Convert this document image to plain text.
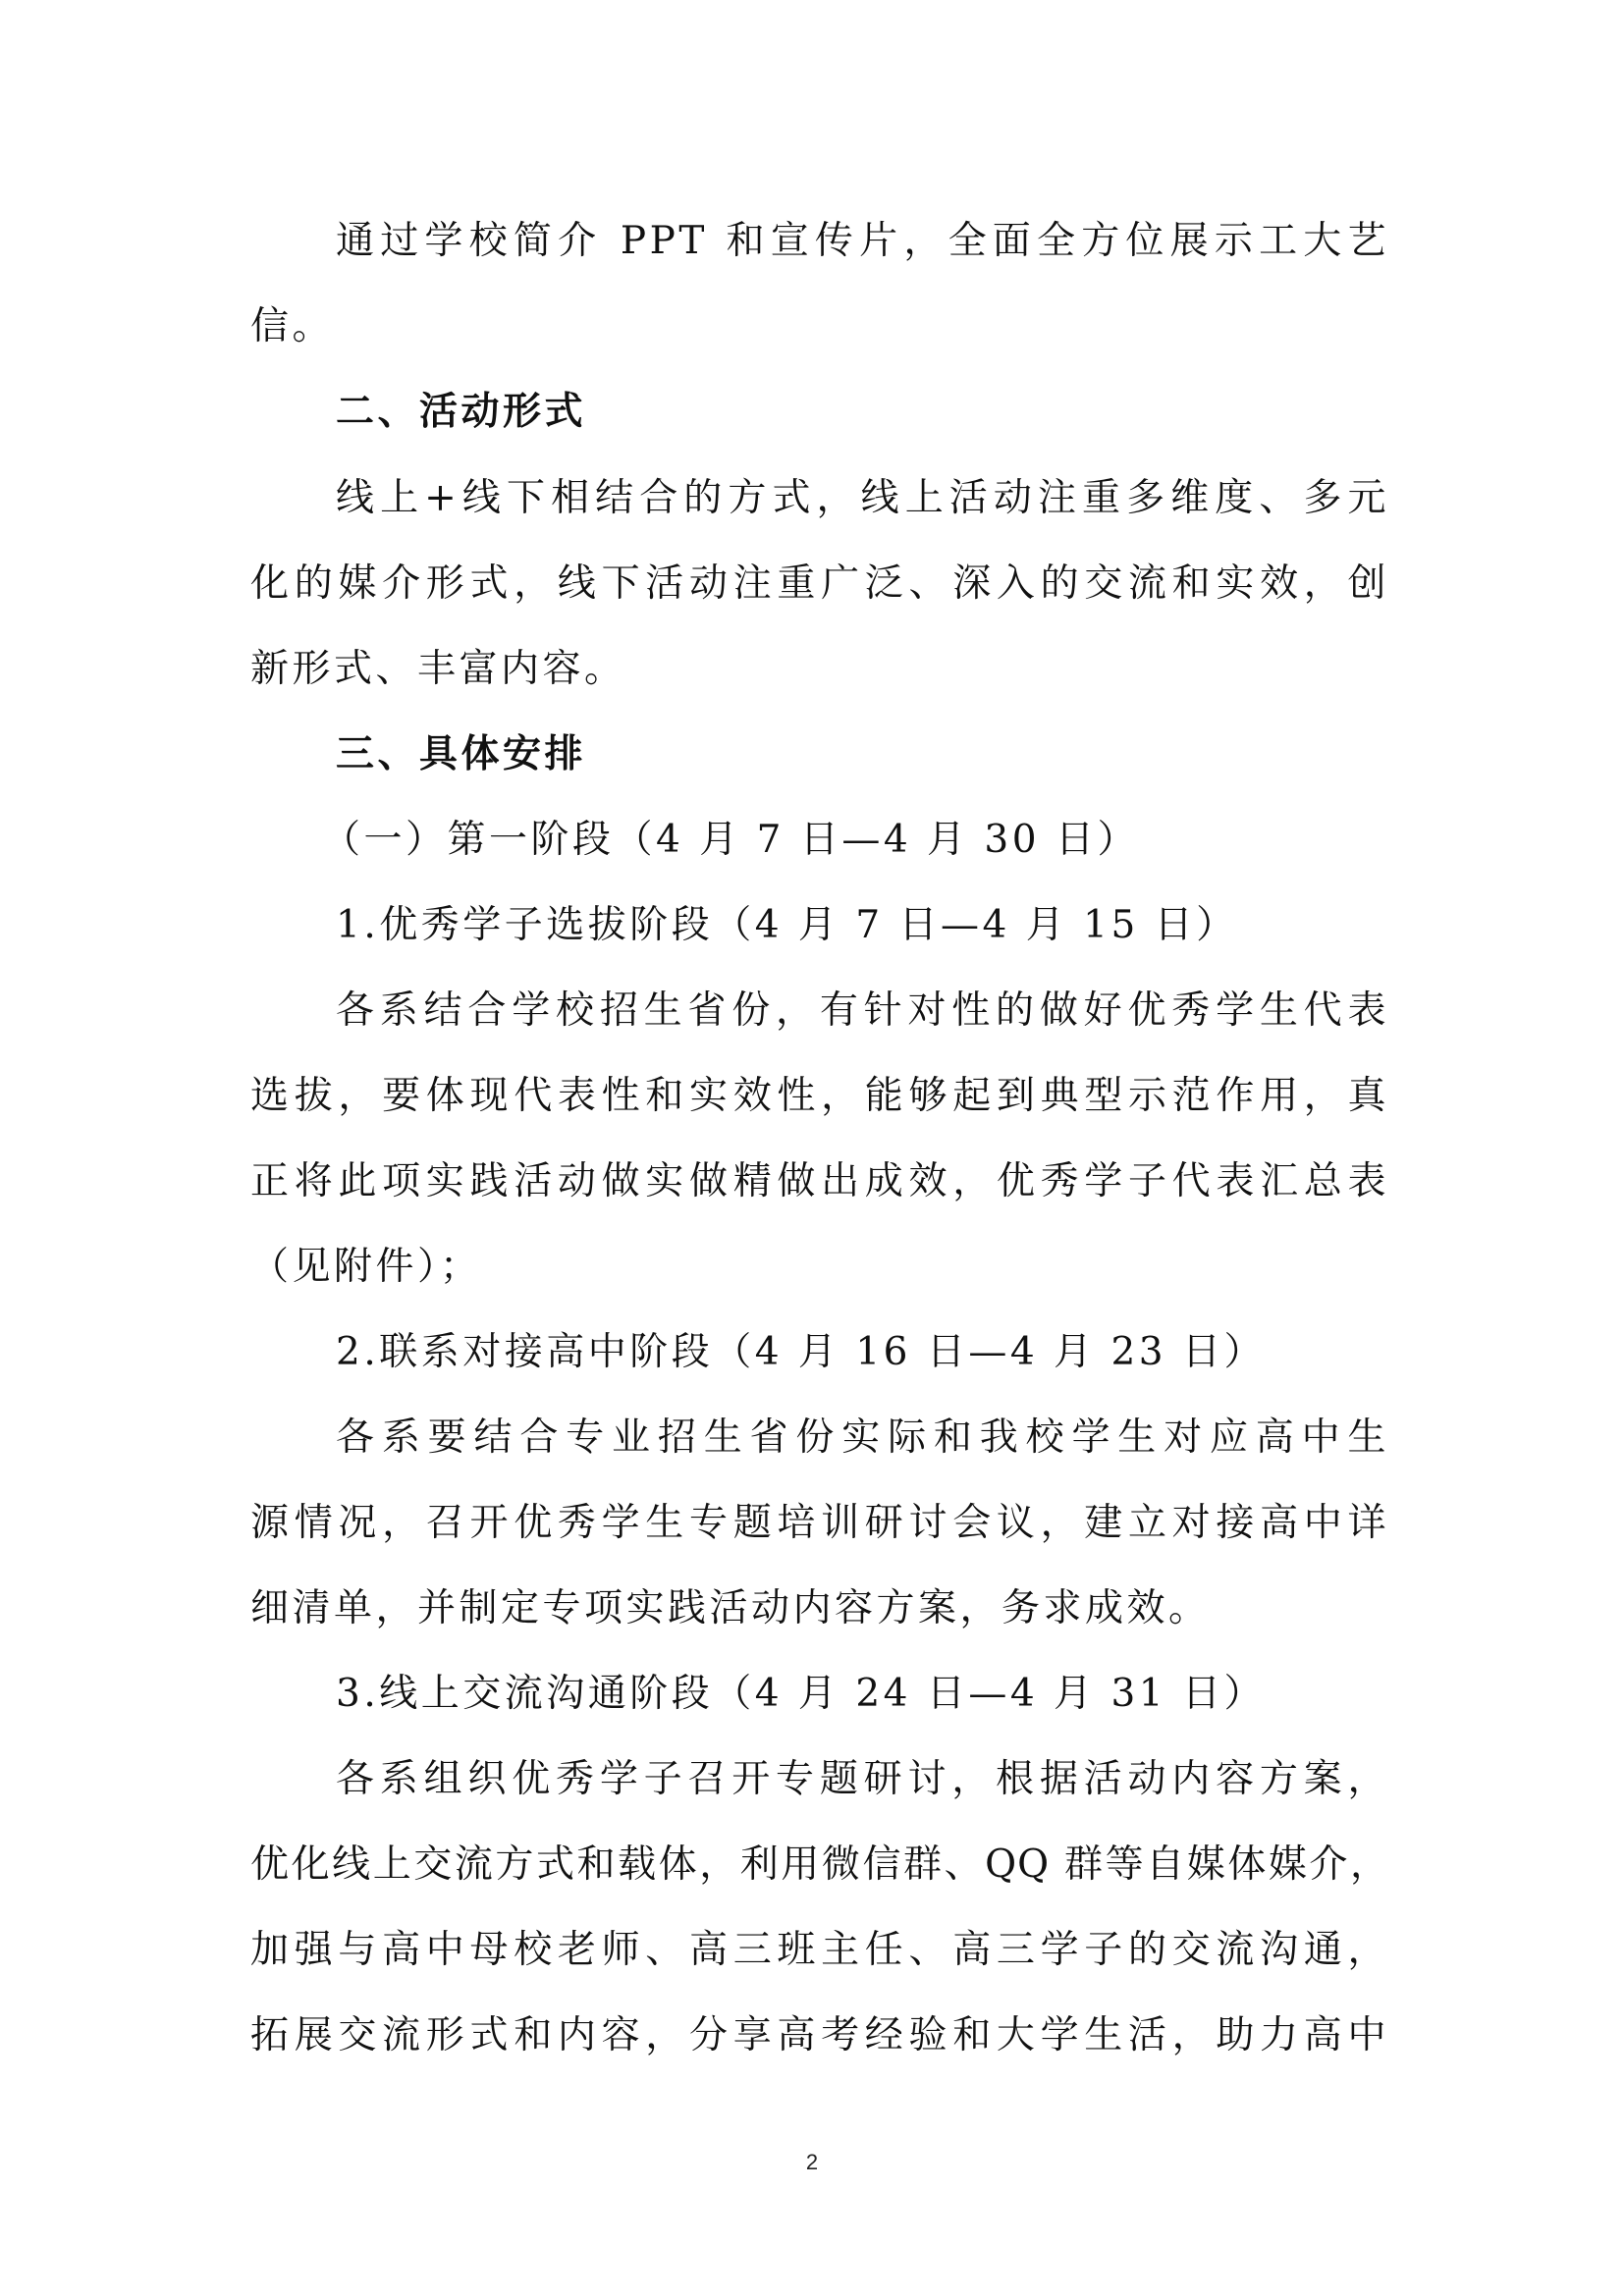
通过学校简介 PPT 和宣传片，全面全方位展示工大艺
信。
二、活动形式
线上+线下相结合的方式，线上活动注重多维度、多元
化的媒介形式，线下活动注重广泛、深入的交流和实效，创
新形式、丰富内容。
三、具体安排
（一）第一阶段（4 月 7 日—4 月 30 日）
1.优秀学子选拔阶段（4 月 7 日—4 月 15 日）
各系结合学校招生省份，有针对性的做好优秀学生代表
选拔，要体现代表性和实效性，能够起到典型示范作用，真
正将此项实践活动做实做精做出成效，优秀学子代表汇总表
（见附件）；
2.联系对接高中阶段（4 月 16 日—4 月 23 日）
各系要结合专业招生省份实际和我校学生对应高中生
源情况，召开优秀学生专题培训研讨会议，建立对接高中详
细清单，并制定专项实践活动内容方案，务求成效。
3.线上交流沟通阶段（4 月 24 日—4 月 31 日）
各系组织优秀学子召开专题研讨，根据活动内容方案，
优化线上交流方式和载体，利用微信群、QQ 群等自媒体媒介，
加强与高中母校老师、高三班主任、高三学子的交流沟通，
拓展交流形式和内容，分享高考经验和大学生活，助力高中
2
